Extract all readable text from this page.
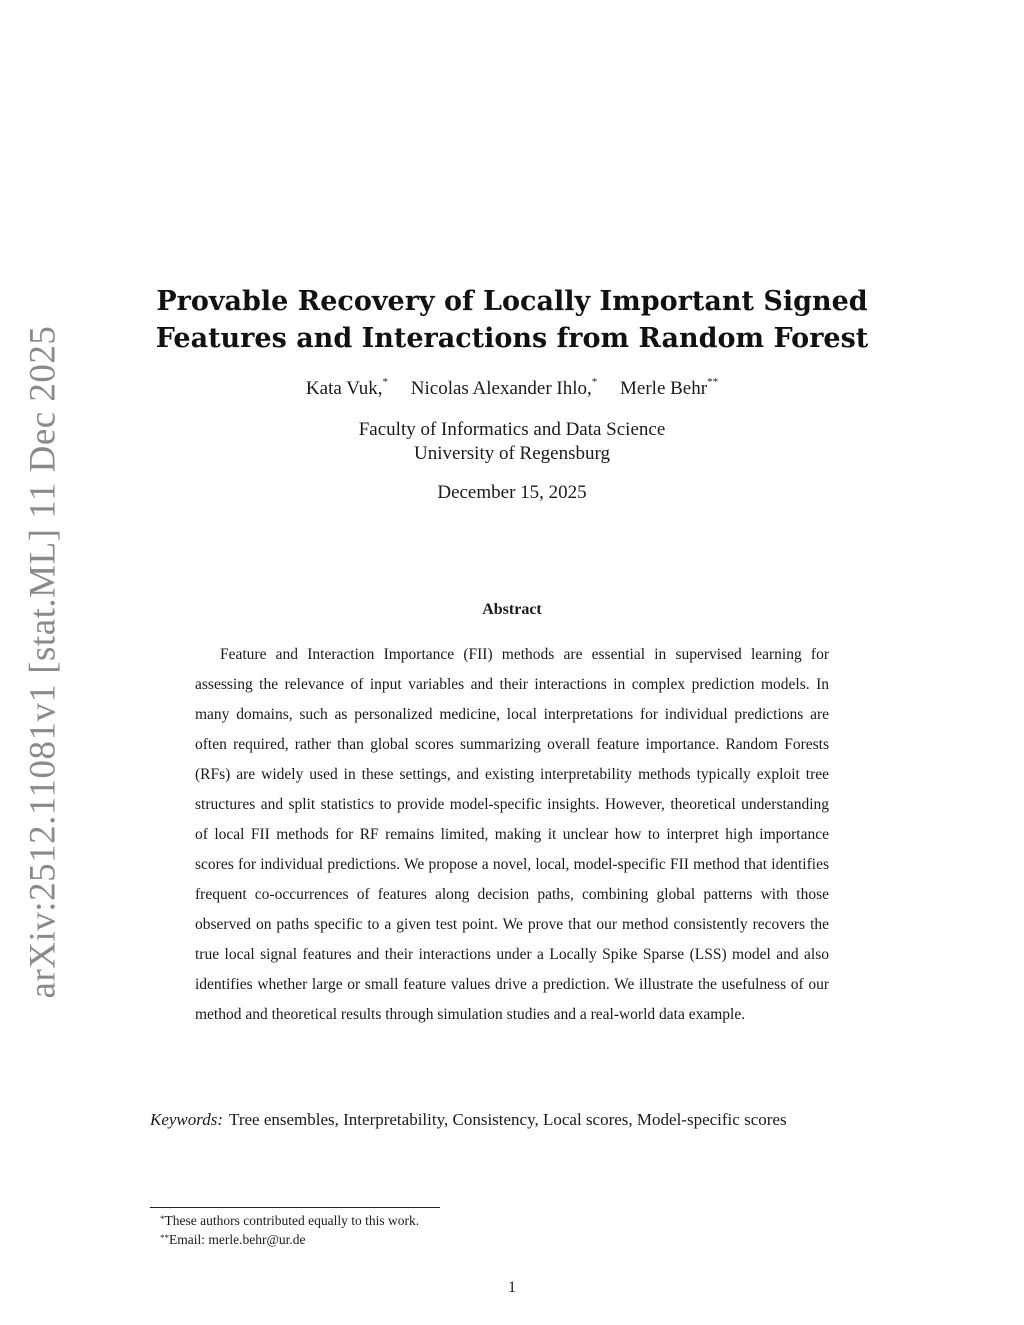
arXiv:2512.11081v1 [stat.ML] 11 Dec 2025
Provable Recovery of Locally Important Signed
Features and Interactions from Random Forest
Kata Vuk,* Nicolas Alexander Ihlo,* Merle Behr**
Faculty of Informatics and Data Science
University of Regensburg
December 15, 2025
Abstract

Feature and Interaction Importance (FII) methods are essential in supervised learning for assessing the relevance of input variables and their interactions in complex prediction models. In many domains, such as personalized medicine, local interpretations for individual predictions are often required, rather than global scores summarizing overall feature importance. Random Forests (RFs) are widely used in these settings, and existing interpretability methods typically exploit tree structures and split statistics to provide model-specific insights. However, theoretical understanding of local FII methods for RF remains limited, making it unclear how to interpret high importance scores for individual predictions. We propose a novel, local, model-specific FII method that identifies frequent co-occurrences of features along decision paths, combining global patterns with those observed on paths specific to a given test point. We prove that our method consistently recovers the true local signal features and their interactions under a Locally Spike Sparse (LSS) model and also identifies whether large or small feature values drive a prediction. We illustrate the usefulness of our method and theoretical results through simulation studies and a real-world data example.

Keywords: Tree ensembles, Interpretability, Consistency, Local scores, Model-specific scores
*These authors contributed equally to this work.
**Email: merle.behr@ur.de
1
